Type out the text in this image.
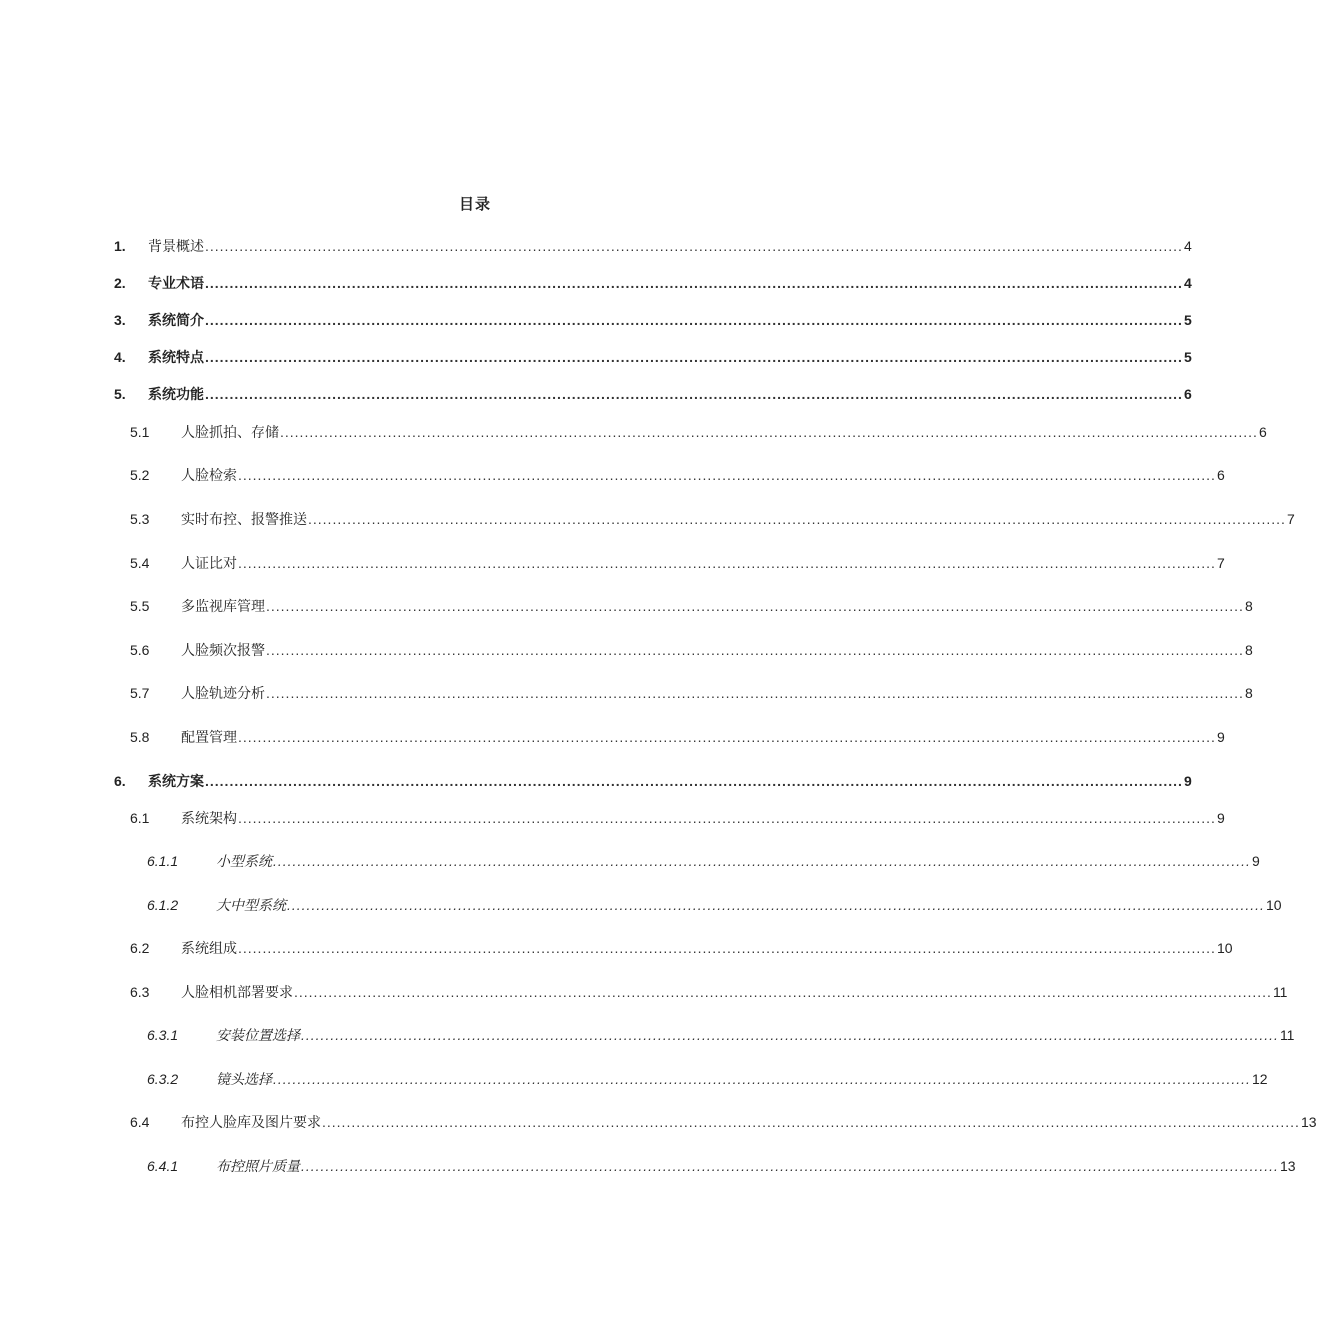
目录
1.	背景概述 ........................................................................................................................................................................................................ 4
2.	专业术语 ........................................................................................................................................................................................................ 4
3.	系统简介 ........................................................................................................................................................................................................ 5
4.	系统特点 ........................................................................................................................................................................................................ 5
5.	系统功能 ........................................................................................................................................................................................................ 6
5.1	人脸抓拍、存储 ........................................................................................................................................................................................................ 6
5.2	人脸检索 ........................................................................................................................................................................................................ 6
5.3	实时布控、报警推送 ........................................................................................................................................................................................................ 7
5.4	人证比对 ........................................................................................................................................................................................................ 7
5.5	多监视库管理 ........................................................................................................................................................................................................ 8
5.6	人脸频次报警 ........................................................................................................................................................................................................ 8
5.7	人脸轨迹分析 ........................................................................................................................................................................................................ 8
5.8	配置管理 ........................................................................................................................................................................................................ 9
6.	系统方案 ........................................................................................................................................................................................................ 9
6.1	系统架构 ........................................................................................................................................................................................................ 9
6.1.1	小型系统 ........................................................................................................................................................................................................ 9
6.1.2	大中型系统 ........................................................................................................................................................................................................ 10
6.2	系统组成 ........................................................................................................................................................................................................ 10
6.3	人脸相机部署要求 ........................................................................................................................................................................................................ 11
6.3.1	安装位置选择 ........................................................................................................................................................................................................ 11
6.3.2	镜头选择 ........................................................................................................................................................................................................ 12
6.4	布控人脸库及图片要求 ........................................................................................................................................................................................................ 13
6.4.1	布控照片质量 ........................................................................................................................................................................................................ 13
